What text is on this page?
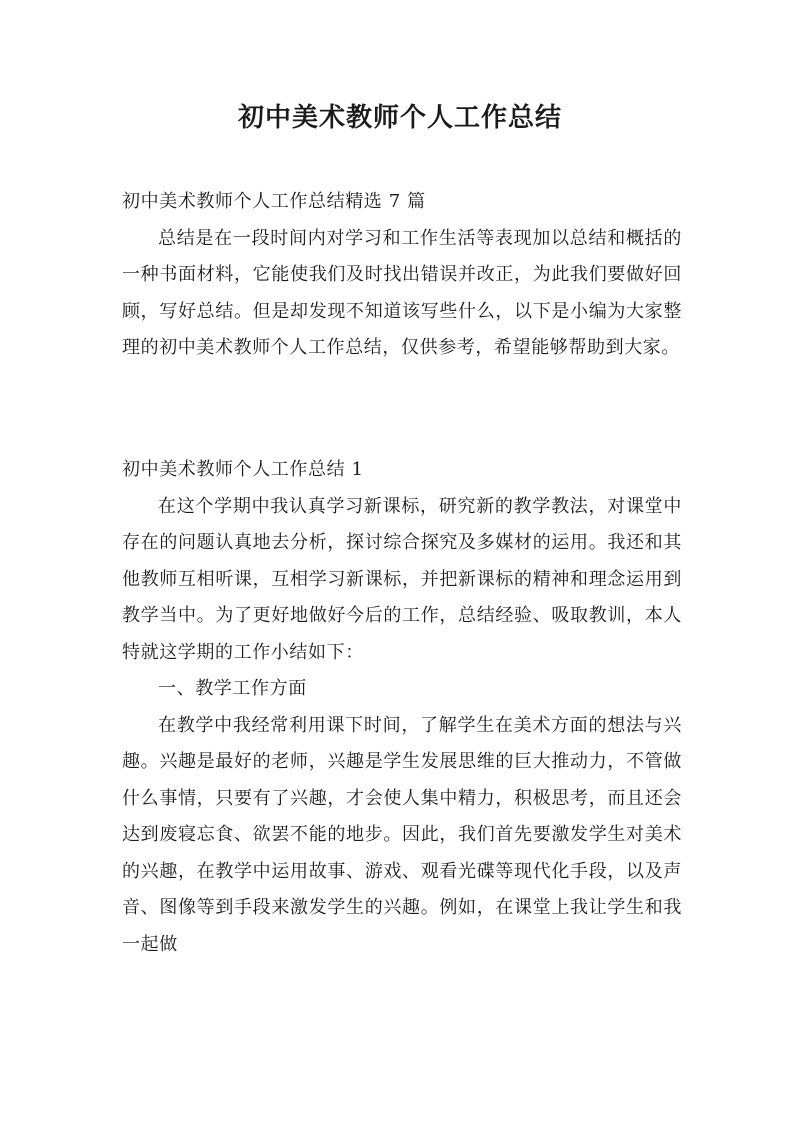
初中美术教师个人工作总结

初中美术教师个人工作总结精选 7 篇

总结是在一段时间内对学习和工作生活等表现加以总结和概括的一种书面材料，它能使我们及时找出错误并改正，为此我们要做好回顾，写好总结。但是却发现不知道该写些什么，以下是小编为大家整理的初中美术教师个人工作总结，仅供参考，希望能够帮助到大家。

初中美术教师个人工作总结 1

在这个学期中我认真学习新课标，研究新的教学教法，对课堂中存在的问题认真地去分析，探讨综合探究及多媒材的运用。我还和其他教师互相听课，互相学习新课标，并把新课标的精神和理念运用到教学当中。为了更好地做好今后的工作，总结经验、吸取教训，本人特就这学期的工作小结如下：

一、教学工作方面

在教学中我经常利用课下时间，了解学生在美术方面的想法与兴趣。兴趣是最好的老师，兴趣是学生发展思维的巨大推动力，不管做什么事情，只要有了兴趣，才会使人集中精力，积极思考，而且还会达到废寝忘食、欲罢不能的地步。因此，我们首先要激发学生对美术的兴趣，在教学中运用故事、游戏、观看光碟等现代化手段，以及声音、图像等到手段来激发学生的兴趣。例如，在课堂上我让学生和我一起做
